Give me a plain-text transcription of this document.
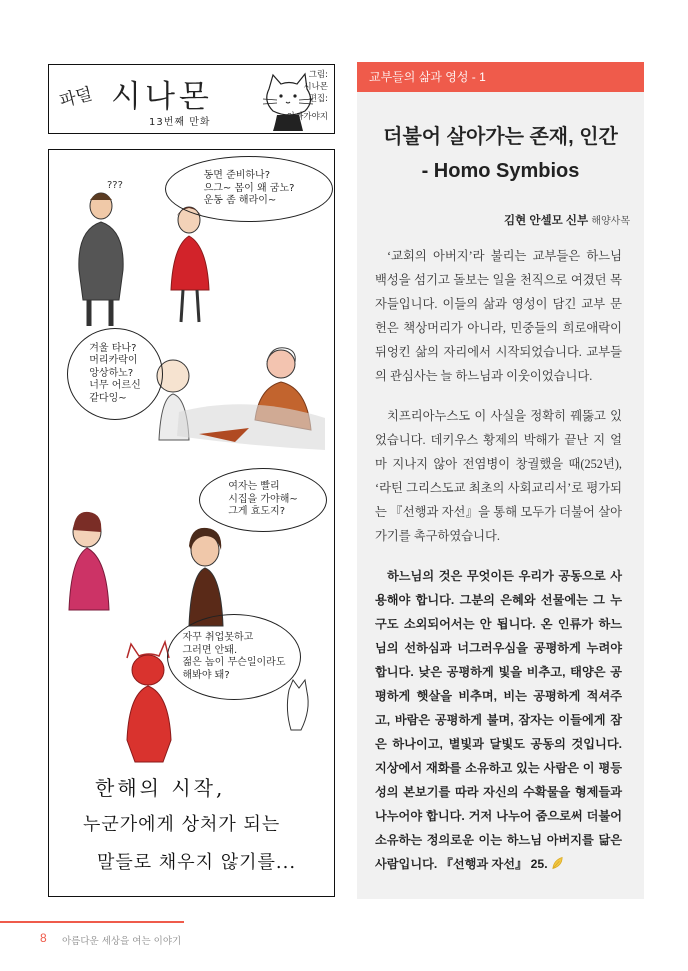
파덜 시나몬
13번째 만화
그림:
시나몬
편집:
아빠가야지
???
동면 준비하나?
으그~ 몸이 왜 굼노?
운동 좀 해라이~
겨울 타나?
머리카락이
앙상하노?
너무 어르신
같다잉~
여자는 빨리
시집을 가야해~
그게 효도지?
자꾸 취업못하고
그러면 안돼.
젊은 놈이 무슨일이라도
해봐야 돼?
한해의 시작,
누군가에게 상처가 되는
말들로 채우지 않기를...
교부들의 삶과 영성 - 1
더불어 살아가는 존재, 인간
- Homo Symbios
김현 안셀모 신부 해양사목

‘교회의 아버지’라 불리는 교부들은 하느님 백성을 섬기고 돌보는 일을 천직으로 여겼던 목자들입니다. 이들의 삶과 영성이 담긴 교부 문헌은 책상머리가 아니라, 민중들의 희로애락이 뒤엉킨 삶의 자리에서 시작되었습니다. 교부들의 관심사는 늘 하느님과 이웃이었습니다.

치프리아누스도 이 사실을 정확히 꿰뚫고 있었습니다. 데키우스 황제의 박해가 끝난 지 얼마 지나지 않아 전염병이 창궐했을 때(252년), ‘라틴 그리스도교 최초의 사회교리서’로 평가되는 『선행과 자선』을 통해 모두가 더불어 살아가기를 촉구하였습니다.

하느님의 것은 무엇이든 우리가 공동으로 사용해야 합니다. 그분의 은혜와 선물에는 그 누구도 소외되어서는 안 됩니다. 온 인류가 하느님의 선하심과 너그러우심을 공평하게 누려야 합니다. 낮은 공평하게 빛을 비추고, 태양은 공평하게 햇살을 비추며, 비는 공평하게 적셔주고, 바람은 공평하게 불며, 잠자는 이들에게 잠은 하나이고, 별빛과 달빛도 공동의 것입니다. 지상에서 재화를 소유하고 있는 사람은 이 평등성의 본보기를 따라 자신의 수확물을 형제들과 나누어야 합니다. 거저 나누어 줌으로써 더불어 소유하는 정의로운 이는 하느님 아버지를 닮은 사람입니다. 『선행과 자선』 25.

8 아름다운 세상을 여는 이야기
